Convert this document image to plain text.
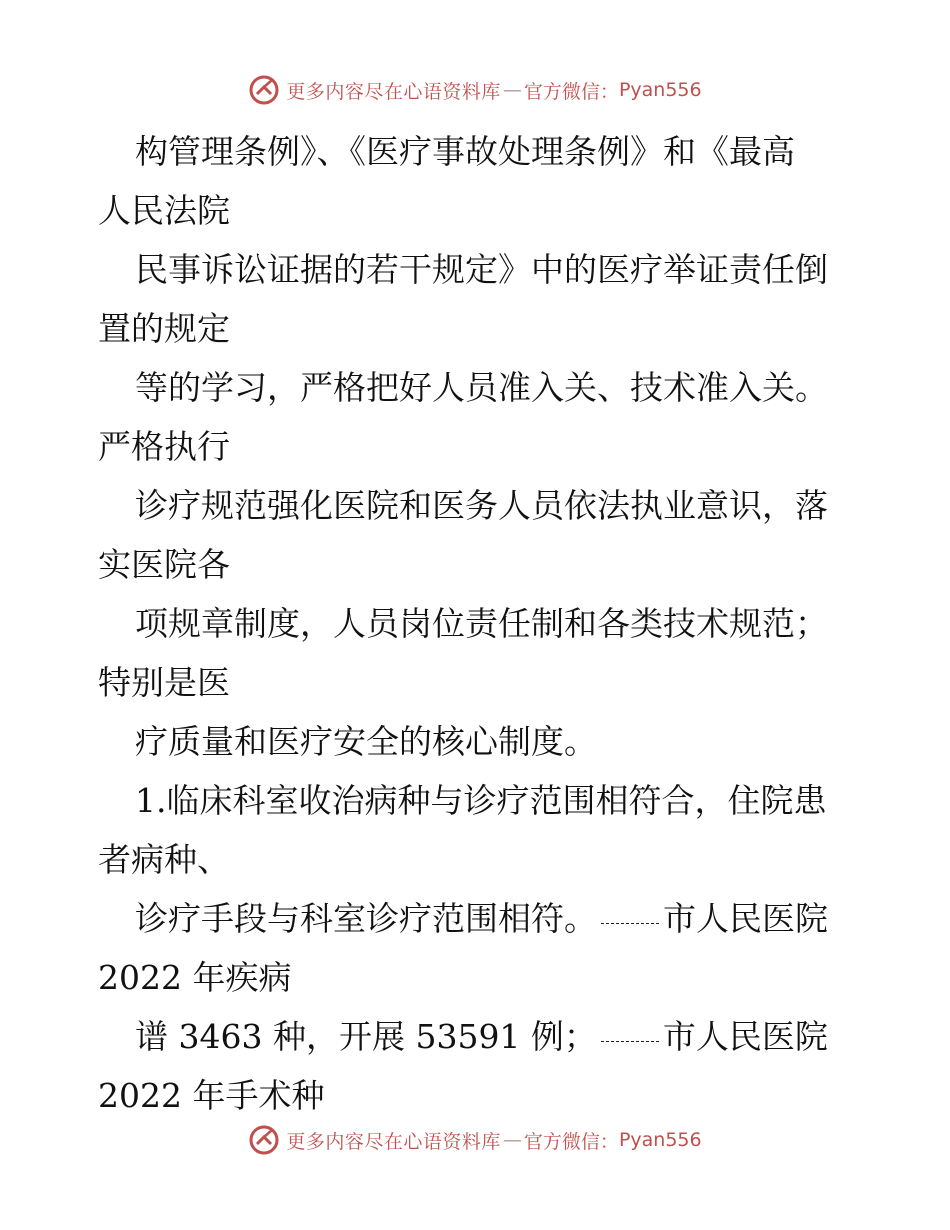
更多内容尽在心语资料库 — 官方微信： Pyan556
构管理条例》、《医疗事故处理条例》和《最高
人民法院
民事诉讼证据的若干规定》中的医疗举证责任倒
置的规定
等的学习，严格把好人员准入关、技术准入关。
严格执行
诊疗规范强化医院和医务人员依法执业意识，落
实医院各
项规章制度，人员岗位责任制和各类技术规范；
特别是医
疗质量和医疗安全的核心制度。
1.临床科室收治病种与诊疗范围相符合，住院患
者病种、
诊疗手段与科室诊疗范围相符。 市人民医院
2022 年疾病
谱 3463 种，开展 53591 例； 市人民医院
2022 年手术种
更多内容尽在心语资料库 — 官方微信： Pyan556
